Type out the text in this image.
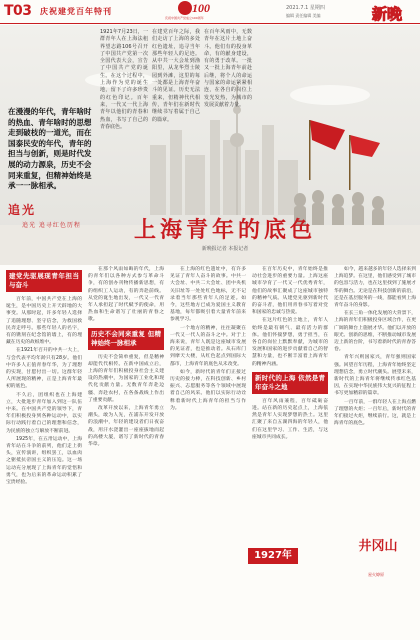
T03 庆祝建党百年特刊	100
庆祝中国共产党成立100周年
2021.7.1 星期四
编辑 责任编辑 美编	新晚
1921年7月23日，一群青年人在上海法租界望志路106号召开了中国共产党第一次全国代表大会，宣告了中国共产党的诞生。在这个过程中，上海作为党的诞生地，留下了许多珍贵的红色印记。百年来，一代又一代上海青年以他们的青春和热血，书写了自己的青春底色。
在建党百年之际，我们走访了上海的多处红色遗址，追寻当年那些年轻人的足迹。从中共一大会址到渔阳里，从龙华烈士陵园到外滩，这里的每一处都是上海青年奋斗的见证。历史无法重来，但精神代代相传，青年们在新时代继续书写着属于自己的篇章。
在百年风雨中，无数青年在这片土地上奋斗。他们有的投身革命，有的献身建设，有的勇于改革。一批又一批上海青年前赴后继，将个人的命运与国家的命运紧紧相连，在各自的岗位上发光发热，为城市的发展贡献着力量。
在漫漫的年代，青年啥时的热血、青年啥时的思想走到破枝的一道光，而在国泰民安的年代，青年的担当与创新，则是时代发展的动力源泉，历史不会同来重复，但精神始终是承一一脉相承。
追光
追光 追寻红色历程	上海青年的底色
新晚报记者 本报记者
建党先驱展现青年担当与奋斗

百年前，中国共产党在上海的诞生，是中国历史上开天辟地的大事变。从那时起，许多年轻人选择了追随理想、坚守信念，为救国救民奔走呼号。那些年轻人的名字，有的镌刻在纪念馆的墙上，有的埋藏在历史的故纸堆中。

在1921年召开的中共一大上，与会代表平均年龄只有28岁。他们中许多人正值青春年华，为了理想的实现，甘愿付出一切。这群年轻人所展现的精神，正是上海青年最初的底色。

不久后，团组织也在上海建立，大批进步青年加入到这一队伍中来。在中国共产党的领导下，青年们积极投身到各种运动中，以实际行动践行着自己的理想和信念，为民族的独立与解放不断前进。

1925年，在五卅运动中，上海青年站在斗争的前列，他们走上街头，宣传演讲，组织罢工，以血肉之躯抵抗帝国主义的压迫。这一场运动充分展现了上海青年的觉悟和勇气，也为后来的革命运动积累了宝贵经验。

在那个风雨如晦的年代，上海的青年们以各种方式参与革命斗争，有的创办刊物传播新思想，有的组织工人运动，有的奔赴前线。从党的诞生地出发，一代又一代青年人承担起了时代赋予的使命，用热血和生命谱写了壮丽的青春之歌。

历史不会同来重复 但精神始终一脉相承

历史不会简单重复，但是精神却能代代相传。在新中国成立后，上海的青年们积极投身社会主义建设的热潮中，为国家的工业化和现代化贡献力量。无数青年奔赴边疆、奔赴农村，在各条战线上作出了重要贡献。

改革开放以来，上海青年勇立潮头，敢为人先，在浦东开发开放的浪潮中，年轻的建设者们日夜奋战，用汗水浇灌出一座座拔地而起的高楼大厦，谱写了新时代的青春华章。

在上海的红色遗址中，有许多见证了青年人奋斗的故事。中共一大会址、中共二大会址、团中央机关旧址等一处处红色地标，无不记录着当年那些青年人的足迹。如今，这些地方已成为爱国主义教育基地，每年都吸引着大量青年前来参观学习。

一个地方的精神，往往凝聚在一代又一代人的奋斗之中。对于上海来说，青年人既是这座城市发展的见证者，也是推动者。从石库门到摩天大楼，从红色起点到国际大都市，上海青年的底色从未改变。

如今，新时代的青年们正接过历史的接力棒，在科技创新、乡村振兴、志愿服务等各个领域中展现着自己的风采。他们以实际行动诠释着新时代上海青年的担当与作为。

在百年历史中，青年始终是推动社会进步的重要力量。上海这座城市孕育了一代又一代优秀青年，他们的故事汇聚成了这座城市独特的精神气质。从建党先驱到新时代的奋斗者，他们用青春书写着对党和国家的忠诚与热爱。

在这片红色的土地上，青年人始终是最有朝气、最有活力的群体。他们怀揣梦想，勇于担当，在各自的岗位上默默奉献，为城市的发展和国家的进步贡献着自己的智慧和力量，也不断丰富着上海青年的精神内涵。

新时代的上海 依然是青年奋斗之地

百年风雨兼程，百年砥砺奋进。站在新的历史起点上，上海依然是青年人实现梦想的热土。这里汇聚了来自五湖四海的年轻人，他们在这里学习、工作、生活，与这座城市共同成长。

如今，越来越多的年轻人选择来到上海追梦。在这里，他们感受到了城市的包容与活力，也在这里找到了施展才华的舞台。无论是在科技创新的前沿，还是在基层服务的一线，都能看到上海青年奋斗的身影。

在长三角一体化发展的大背景下，上海的青年们积极投身区域合作，在更广阔的舞台上施展才华。他们以开放的眼光、创新的思维，不断推动城市发展迈上新的台阶，书写着新时代的青春答卷。

青年兴则国家兴，青年强则国家强。回望百年历程，上海青年始终坚定理想信念，勇立时代潮头。展望未来，新时代的上海青年将继续传承红色基因，在实现中华民族伟大复兴的征程上书写更加精彩的篇章。

一百年前，一群年轻人在上海点燃了理想的火炬；一百年后，新时代的青年们接过火炬，继续前行。这，就是上海青年的底色。

1927年
井冈山
星火燎原
